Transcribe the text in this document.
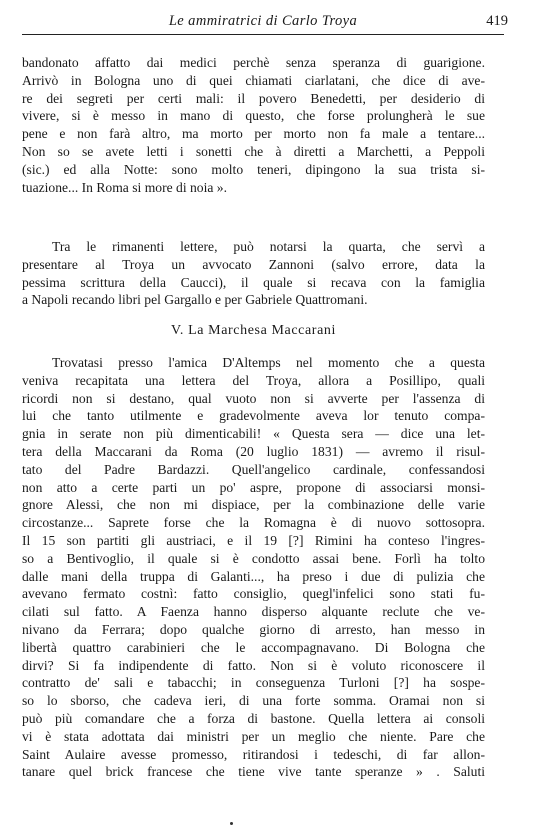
Le ammiratrici di Carlo Troya	419
bandonato affatto dai medici perchè senza speranza di guarigione.
Arrivò in Bologna uno di quei chiamati ciarlatani, che dice di ave-
re dei segreti per certi mali: il povero Benedetti, per desiderio di
vivere, si è messo in mano di questo, che forse prolungherà le sue
pene e non farà altro, ma morto per morto non fa male a tentare...
Non so se avete letti i sonetti che à diretti a Marchetti, a Peppoli
(sic.) ed alla Notte: sono molto teneri, dipingono la sua trista si-
tuazione... In Roma si more di noia ».
Tra le rimanenti lettere, può notarsi la quarta, che servì a
presentare al Troya un avvocato Zannoni (salvo errore, data la
pessima scrittura della Caucci), il quale si recava con la famiglia
a Napoli recando libri pel Gargallo e per Gabriele Quattromani.
V. La Marchesa Maccarani
Trovatasi presso l'amica D'Altemps nel momento che a questa
veniva recapitata una lettera del Troya, allora a Posillipo, quali
ricordi non si destano, qual vuoto non si avverte per l'assenza di
lui che tanto utilmente e gradevolmente aveva lor tenuto compa-
gnia in serate non più dimenticabili! « Questa sera — dice una let-
tera della Maccarani da Roma (20 luglio 1831) — avremo il risul-
tato del Padre Bardazzi. Quell'angelico cardinale, confessandosi
non atto a certe parti un po' aspre, propone di associarsi monsi-
gnore Alessi, che non mi dispiace, per la combinazione delle varie
circostanze... Saprete forse che la Romagna è di nuovo sottosopra.
Il 15 son partiti gli austriaci, e il 19 [?] Rimini ha conteso l'ingres-
so a Bentivoglio, il quale si è condotto assai bene. Forlì ha tolto
dalle mani della truppa di Galanti..., ha preso i due di pulizia che
avevano fermato costnì: fatto consiglio, quegl'infelici sono stati fu-
cilati sul fatto. A Faenza hanno disperso alquante reclute che ve-
nivano da Ferrara; dopo qualche giorno di arresto, han messo in
libertà quattro carabinieri che le accompagnavano. Di Bologna che
dirvi? Si fa indipendente di fatto. Non si è voluto riconoscere il
contratto de' sali e tabacchi; in conseguenza Turloni [?] ha sospe-
so lo sborso, che cadeva ieri, di una forte somma. Oramai non si
può più comandare che a forza di bastone. Quella lettera ai consoli
vi è stata adottata dai ministri per un meglio che niente. Pare che
Saint Aulaire avesse promesso, ritirandosi i tedeschi, di far allon-
tanare quel brick francese che tiene vive tante speranze » . Saluti
